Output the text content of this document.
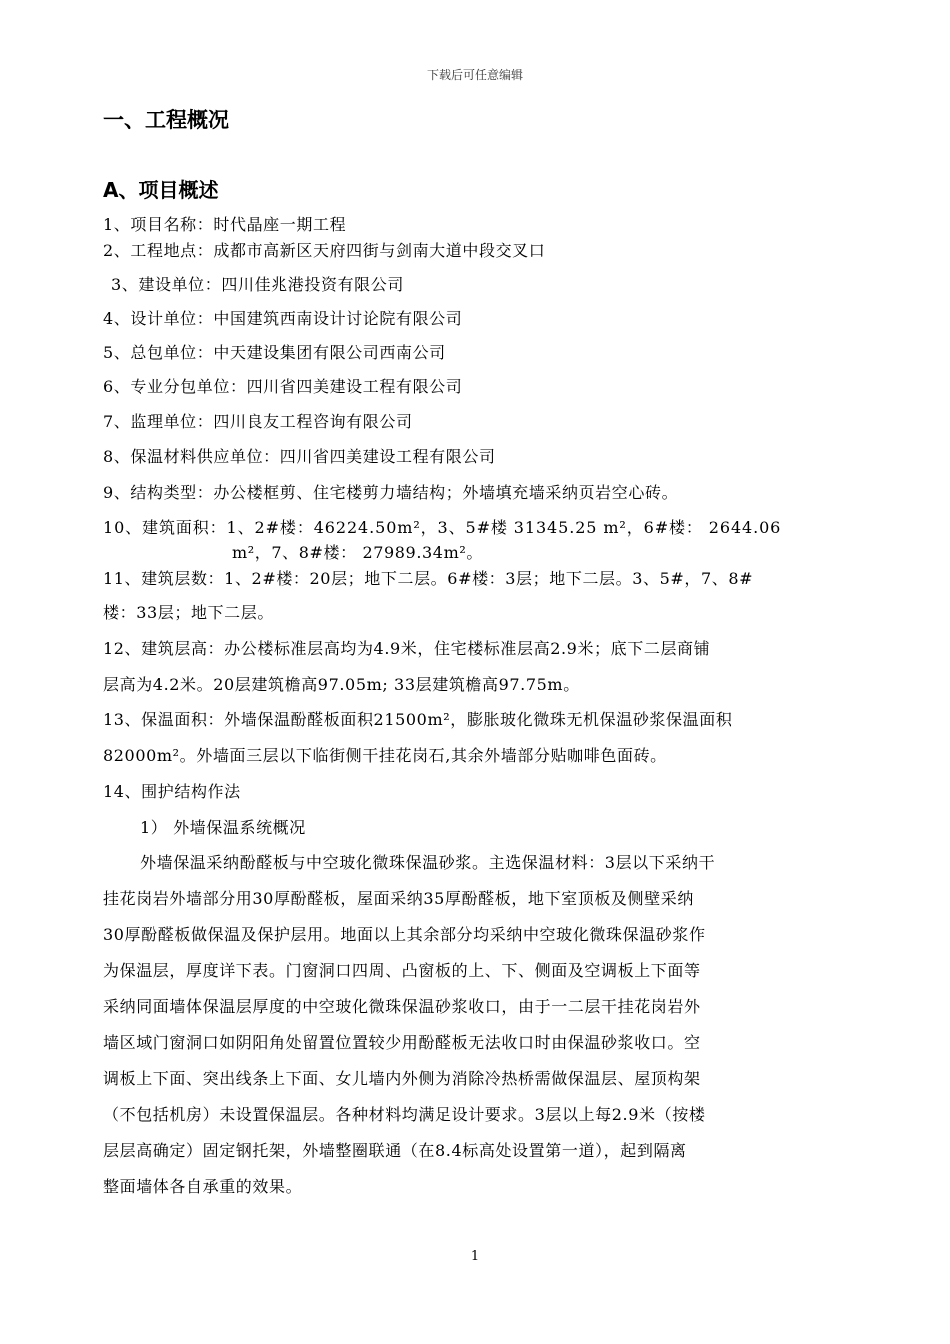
下载后可任意编辑
一、工程概况
A、项目概述
1、项目名称：时代晶座一期工程
2、工程地点：成都市高新区天府四街与剑南大道中段交叉口
3、建设单位：四川佳兆港投资有限公司
4、设计单位：中国建筑西南设计讨论院有限公司
5、总包单位：中天建设集团有限公司西南公司
6、专业分包单位：四川省四美建设工程有限公司
7、监理单位：四川良友工程咨询有限公司
8、保温材料供应单位：四川省四美建设工程有限公司
9、结构类型：办公楼框剪、住宅楼剪力墙结构；外墙填充墙采纳页岩空心砖。
10、建筑面积：1、2#楼：46224.50m²，3、5#楼 31345.25 m²，6#楼： 2644.06
m²，7、8#楼： 27989.34m²。
11、建筑层数：1、2#楼：20层；地下二层。6#楼：3层；地下二层。3、5#，7、8#
楼：33层；地下二层。
12、建筑层高：办公楼标准层高均为4.9米，住宅楼标准层高2.9米；底下二层商铺
层高为4.2米。20层建筑檐高97.05m; 33层建筑檐高97.75m。
13、保温面积：外墙保温酚醛板面积21500m²，膨胀玻化微珠无机保温砂浆保温面积
82000m²。外墙面三层以下临街侧干挂花岗石,其余外墙部分贴咖啡色面砖。
14、围护结构作法
1） 外墙保温系统概况
外墙保温采纳酚醛板与中空玻化微珠保温砂浆。主选保温材料：3层以下采纳干
挂花岗岩外墙部分用30厚酚醛板，屋面采纳35厚酚醛板，地下室顶板及侧壁采纳
30厚酚醛板做保温及保护层用。地面以上其余部分均采纳中空玻化微珠保温砂浆作
为保温层，厚度详下表。门窗洞口四周、凸窗板的上、下、侧面及空调板上下面等
采纳同面墙体保温层厚度的中空玻化微珠保温砂浆收口，由于一二层干挂花岗岩外
墙区域门窗洞口如阴阳角处留置位置较少用酚醛板无法收口时由保温砂浆收口。空
调板上下面、突出线条上下面、女儿墙内外侧为消除冷热桥需做保温层、屋顶构架
（不包括机房）未设置保温层。各种材料均满足设计要求。3层以上每2.9米（按楼
层层高确定）固定钢托架，外墙整圈联通（在8.4标高处设置第一道），起到隔离
整面墙体各自承重的效果。
1
